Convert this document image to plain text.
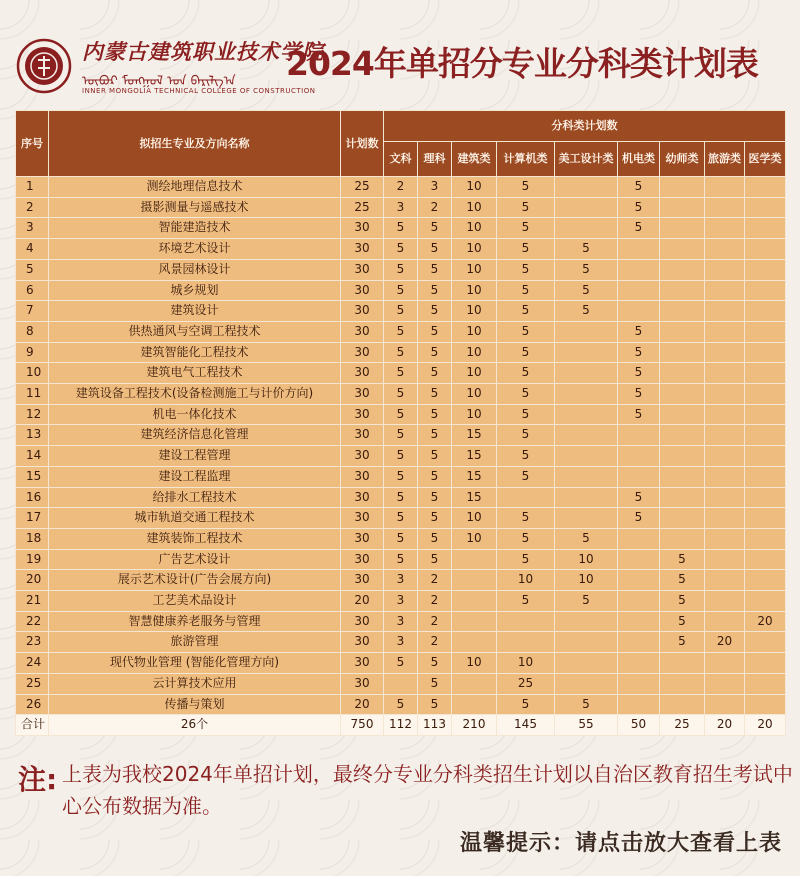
内蒙古建筑职业技术学院
ᠦᠪᠦᠷ ᠮᠣᠩᠭᠣᠯ ᠤᠨ ᠪᠠᠷᠢᠯᠭ᠎ᠠ
INNER MONGOLIA TECHNICAL COLLEGE OF CONSTRUCTION
2024年单招分专业分科类计划表
序号	拟招生专业及方向名称	计划数	分科类计划数								
			文科	理科	建筑类	计算机类	美工设计类	机电类	幼师类	旅游类	医学类
1	测绘地理信息技术	25	2	3	10	5		5			
2	摄影测量与遥感技术	25	3	2	10	5		5			
3	智能建造技术	30	5	5	10	5		5			
4	环境艺术设计	30	5	5	10	5	5				
5	风景园林设计	30	5	5	10	5	5				
6	城乡规划	30	5	5	10	5	5				
7	建筑设计	30	5	5	10	5	5				
8	供热通风与空调工程技术	30	5	5	10	5		5			
9	建筑智能化工程技术	30	5	5	10	5		5			
10	建筑电气工程技术	30	5	5	10	5		5			
11	建筑设备工程技术(设备检测施工与计价方向)	30	5	5	10	5		5			
12	机电一体化技术	30	5	5	10	5		5			
13	建筑经济信息化管理	30	5	5	15	5					
14	建设工程管理	30	5	5	15	5					
15	建设工程监理	30	5	5	15	5					
16	给排水工程技术	30	5	5	15			5			
17	城市轨道交通工程技术	30	5	5	10	5		5			
18	建筑装饰工程技术	30	5	5	10	5	5				
19	广告艺术设计	30	5	5		5	10		5		
20	展示艺术设计(广告会展方向)	30	3	2		10	10		5		
21	工艺美术品设计	20	3	2		5	5		5		
22	智慧健康养老服务与管理	30	3	2					5		20
23	旅游管理	30	3	2					5	20	
24	现代物业管理 (智能化管理方向)	30	5	5	10	10					
25	云计算技术应用	30		5		25					
26	传播与策划	20	5	5		5	5				
合计	26个	750	112	113	210	145	55	50	25	20	20
注: 上表为我校2024年单招计划，最终分专业分科类招生计划以自治区教育招生考试中心公布数据为准。
温馨提示：请点击放大查看上表
